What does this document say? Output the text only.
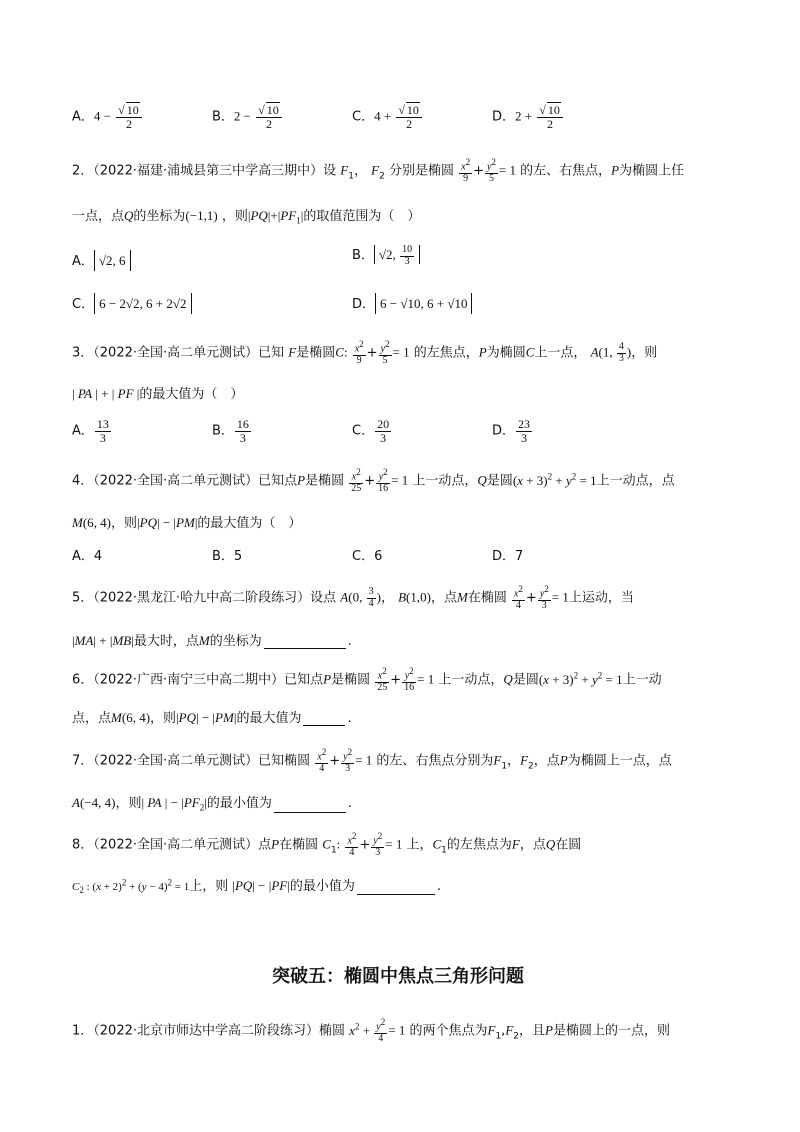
A．$4 - \frac{√ 10}{2}$	B．$2 - \frac{√ 10}{2}$	C．$4 + \frac{√ 10}{2}$	D．$2 + \frac{√ 10}{2}$
2．（2022·福建·浦城县第三中学高三期中）设 $F_1$， $F_2$ 分别是椭圆 $\frac{x^2}{9} + \frac{y^2}{5} = 1$ 的左、右焦点，P为椭圆上任
一点，点Q的坐标为(−1,1) ，则$|PQ|+|PF_1|$的取值范围为（　）
A． √2, 6	B． √2, $\frac{10}{3}$
C． 6 − 2√2, 6 + 2√2	D． 6 − √10, 6 + √10
3．（2022·全国·高二单元测试）已知 F是椭圆C: $\frac{x^2}{9} + \frac{y^2}{5} = 1$ 的左焦点，P为椭圆C上一点， A(1, $\frac{4}{3}$ )，则
| PA | + | PF |的最大值为（　）
A． $\frac{13}{3}$	B． $\frac{16}{3}$	C． $\frac{20}{3}$	D． $\frac{23}{3}$
4．（2022·全国·高二单元测试）已知点P是椭圆 $\frac{x^2}{25} + \frac{y^2}{16} = 1$ 上一动点，Q是圆$(x + 3)^2 + y^2 = 1$上一动点，点
M(6, 4)，则|PQ| − |PM|的最大值为（　）
A．4	B．5	C．6	D．7
5．（2022·黑龙江·哈九中高二阶段练习）设点 A(0, $\frac{3}{4}$ )， B(1,0)，点M在椭圆 $\frac{x^2}{4} + \frac{y^2}{3} = 1$上运动，当
|MA| + |MB|最大时，点M的坐标为	.
6．（2022·广西·南宁三中高二期中）已知点P是椭圆 $\frac{x^2}{25} + \frac{y^2}{16} = 1$ 上一动点，Q是圆$(x + 3)^2 + y^2 = 1$上一动
点，点M(6, 4)，则|PQ| − |PM|的最大值为	.
7．（2022·全国·高二单元测试）已知椭圆 $\frac{x^2}{4} + \frac{y^2}{3} = 1$ 的左、右焦点分别为$F_1$，$F_2$，点P为椭圆上一点，点
A(−4, 4)，则| PA | − $|PF_2|$的最小值为	.
8．（2022·全国·高二单元测试）点P在椭圆 $C_1$: $\frac{x^2}{4} + \frac{y^2}{3} = 1$ 上，$C_1$的左焦点为F，点Q在圆
$C_2$ : $(x + 2)^2 + (y - 4)^2 = 1$上，则 |PQ| − |PF|的最小值为	.
突破五：椭圆中焦点三角形问题
1．（2022·北京市师达中学高二阶段练习）椭圆 $x^2 + \frac{y^2}{4} = 1$ 的两个焦点为$F_1,F_2$，且P是椭圆上的一点，则
